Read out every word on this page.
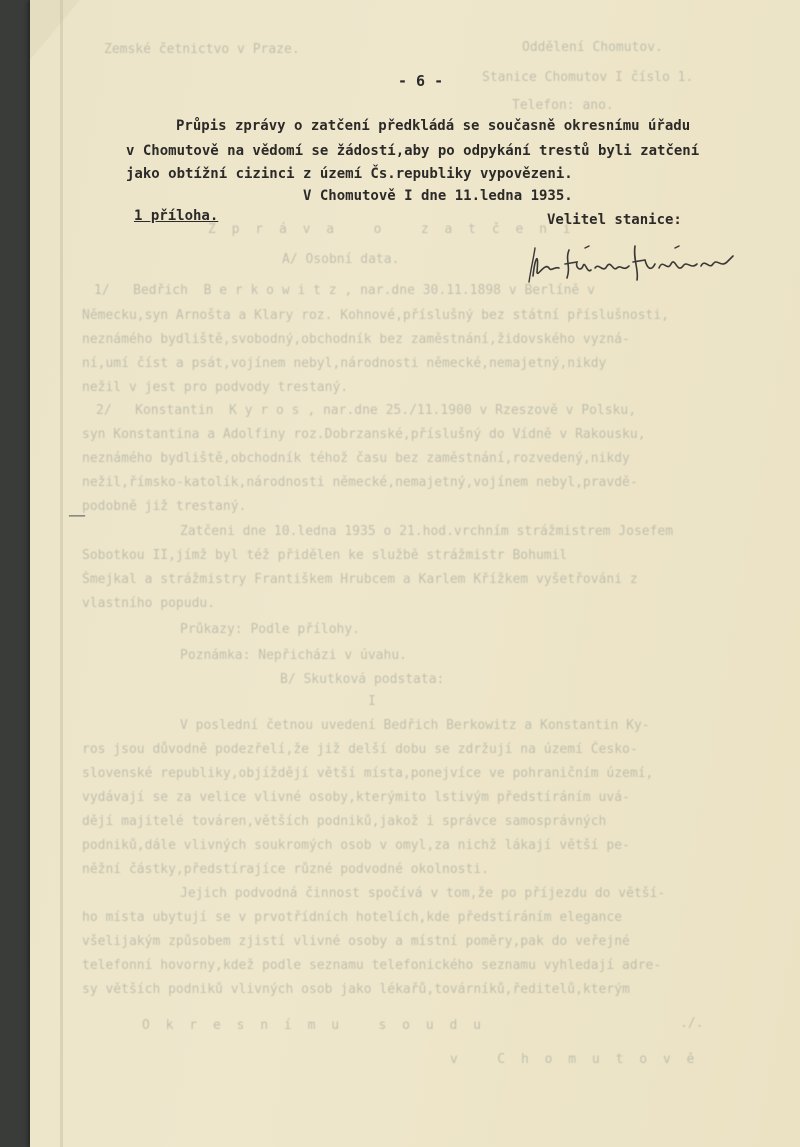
Zemské četnictvo v Praze.	Oddělení Chomutov.
Stanice Chomutov I číslo 1.
Telefon: ano.
Z p r á v a   o   z a t č e n í
A/ Osobní data.
1/   Bedřich  B e r k o w i t z , nar.dne 30.11.1898 v Berlíně v
Německu,syn Arnošta a Klary roz. Kohnové,příslušný bez státní příslušnosti,
neznámého bydliště,svobodný,obchodník bez zaměstnání,židovského vyzná-
ní,umí číst a psát,vojínem nebyl,národnosti německé,nemajetný,nikdy
nežil v jest pro podvody trestaný.
2/   Konstantin  K y r o s , nar.dne 25./11.1900 v Rzeszově v Polsku,
syn Konstantina a Adolfiny roz.Dobrzanské,příslušný do Vídně v Rakousku,
neznámého bydliště,obchodník téhož času bez zaměstnání,rozvedený,nikdy
nežil,římsko-katolík,národnosti německé,nemajetný,vojínem nebyl,pravdě-
podobně již trestaný.
Zatčeni dne 10.ledna 1935 o 21.hod.vrchním strážmistrem Josefem
Sobotkou II,jímž byl též přidělen ke službě strážmistr Bohumil
Šmejkal a strážmistry Františkem Hrubcem a Karlem Křížkem vyšetřováni z
vlastního popudu.
Průkazy: Podle přílohy.
Poznámka: Nepřicházi v úvahu.
B/ Skutková podstata:
I
V poslední četnou uvedení Bedřich Berkowitz a Konstantin Ky-
ros jsou důvodně podezřelí,že již delší dobu se zdržují na území Česko-
slovenské republiky,objíždějí větší místa,ponejvíce ve pohraničním území,
vydávají se za velice vlivné osoby,kterýmito lstivým předstíráním uvá-
dějí majitelé továren,větších podniků,jakož i správce samosprávných
podniků,dále vlivných soukromých osob v omyl,za nichž lákají větší pe-
něžní částky,předstírajíce různé podvodné okolnosti.
Jejich podvodná činnost spočívá v tom,že po příjezdu do větší-
ho místa ubytují se v prvotřídních hotelích,kde předstíráním elegance
všelijakým způsobem zjistí vlivné osoby a místní poměry,pak do veřejné
telefonní hovorny,kdež podle seznamu telefonického seznamu vyhledají adre-
sy větších podniků vlivných osob jako lékařů,továrníků,ředitelů,kterým
O k r e s n í m u   s o u d u	./.
v   C h o m u t o v ě
—
- 6 -
Průpis zprávy o zatčení předkládá se současně okresnímu úřadu
v Chomutově na vědomí se žádostí,aby po odpykání trestů byli zatčení
jako obtížní cizinci z území Čs.republiky vypovězeni.
V Chomutově I dne 11.ledna 1935.
1 příloha.	Velitel stanice:
